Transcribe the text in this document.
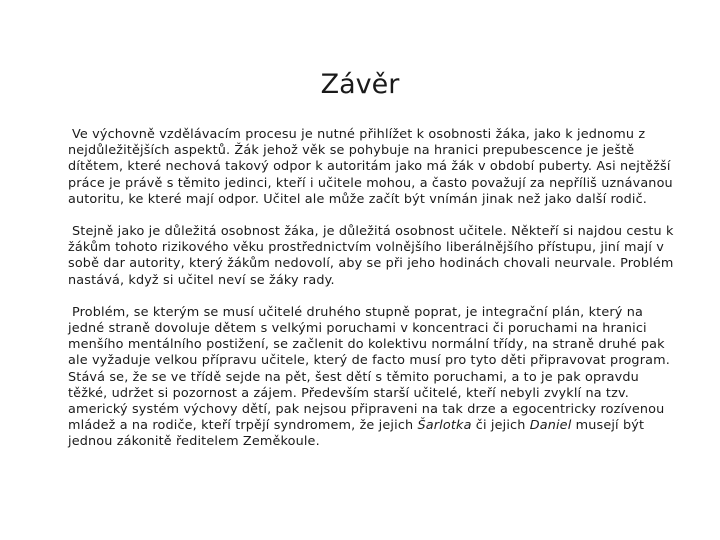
Závěr

Ve výchovně vzdělávacím procesu je nutné přihlížet k osobnosti žáka, jako k jednomu z nejdůležitějších aspektů. Žák jehož věk se pohybuje na hranici prepubescence je ještě dítětem, které nechová takový odpor k autoritám jako má žák v období puberty. Asi nejtěžší práce je právě s těmito jedinci, kteří i učitele mohou, a často považují za nepříliš uznávanou autoritu, ke které mají odpor. Učitel ale může začít být vnímán jinak než jako další rodič.

Stejně jako je důležitá osobnost žáka, je důležitá osobnost učitele. Někteří si najdou cestu k žákům tohoto rizikového věku prostřednictvím volnějšího liberálnějšího přístupu, jiní mají v sobě dar autority, který žákům nedovolí, aby se při jeho hodinách chovali neurvale. Problém nastává, když si učitel neví se žáky rady.

Problém, se kterým se musí učitelé druhého stupně poprat, je integrační plán, který na jedné straně dovoluje dětem s velkými poruchami v koncentraci či poruchami na hranici menšího mentálního postižení, se začlenit do kolektivu normální třídy, na straně druhé pak ale vyžaduje velkou přípravu učitele, který de facto musí pro tyto děti připravovat program. Stává se, že se ve třídě sejde na pět, šest dětí s těmito poruchami, a to je pak opravdu těžké, udržet si pozornost a zájem. Především starší učitelé, kteří nebyli zvyklí na tzv. americký systém výchovy dětí, pak nejsou připraveni na tak drze a egocentricky rozívenou mládež a na rodiče, kteří trpějí syndromem, že jejich Šarlotka či jejich Daniel musejí být jednou zákonitě ředitelem Zeměkoule.
